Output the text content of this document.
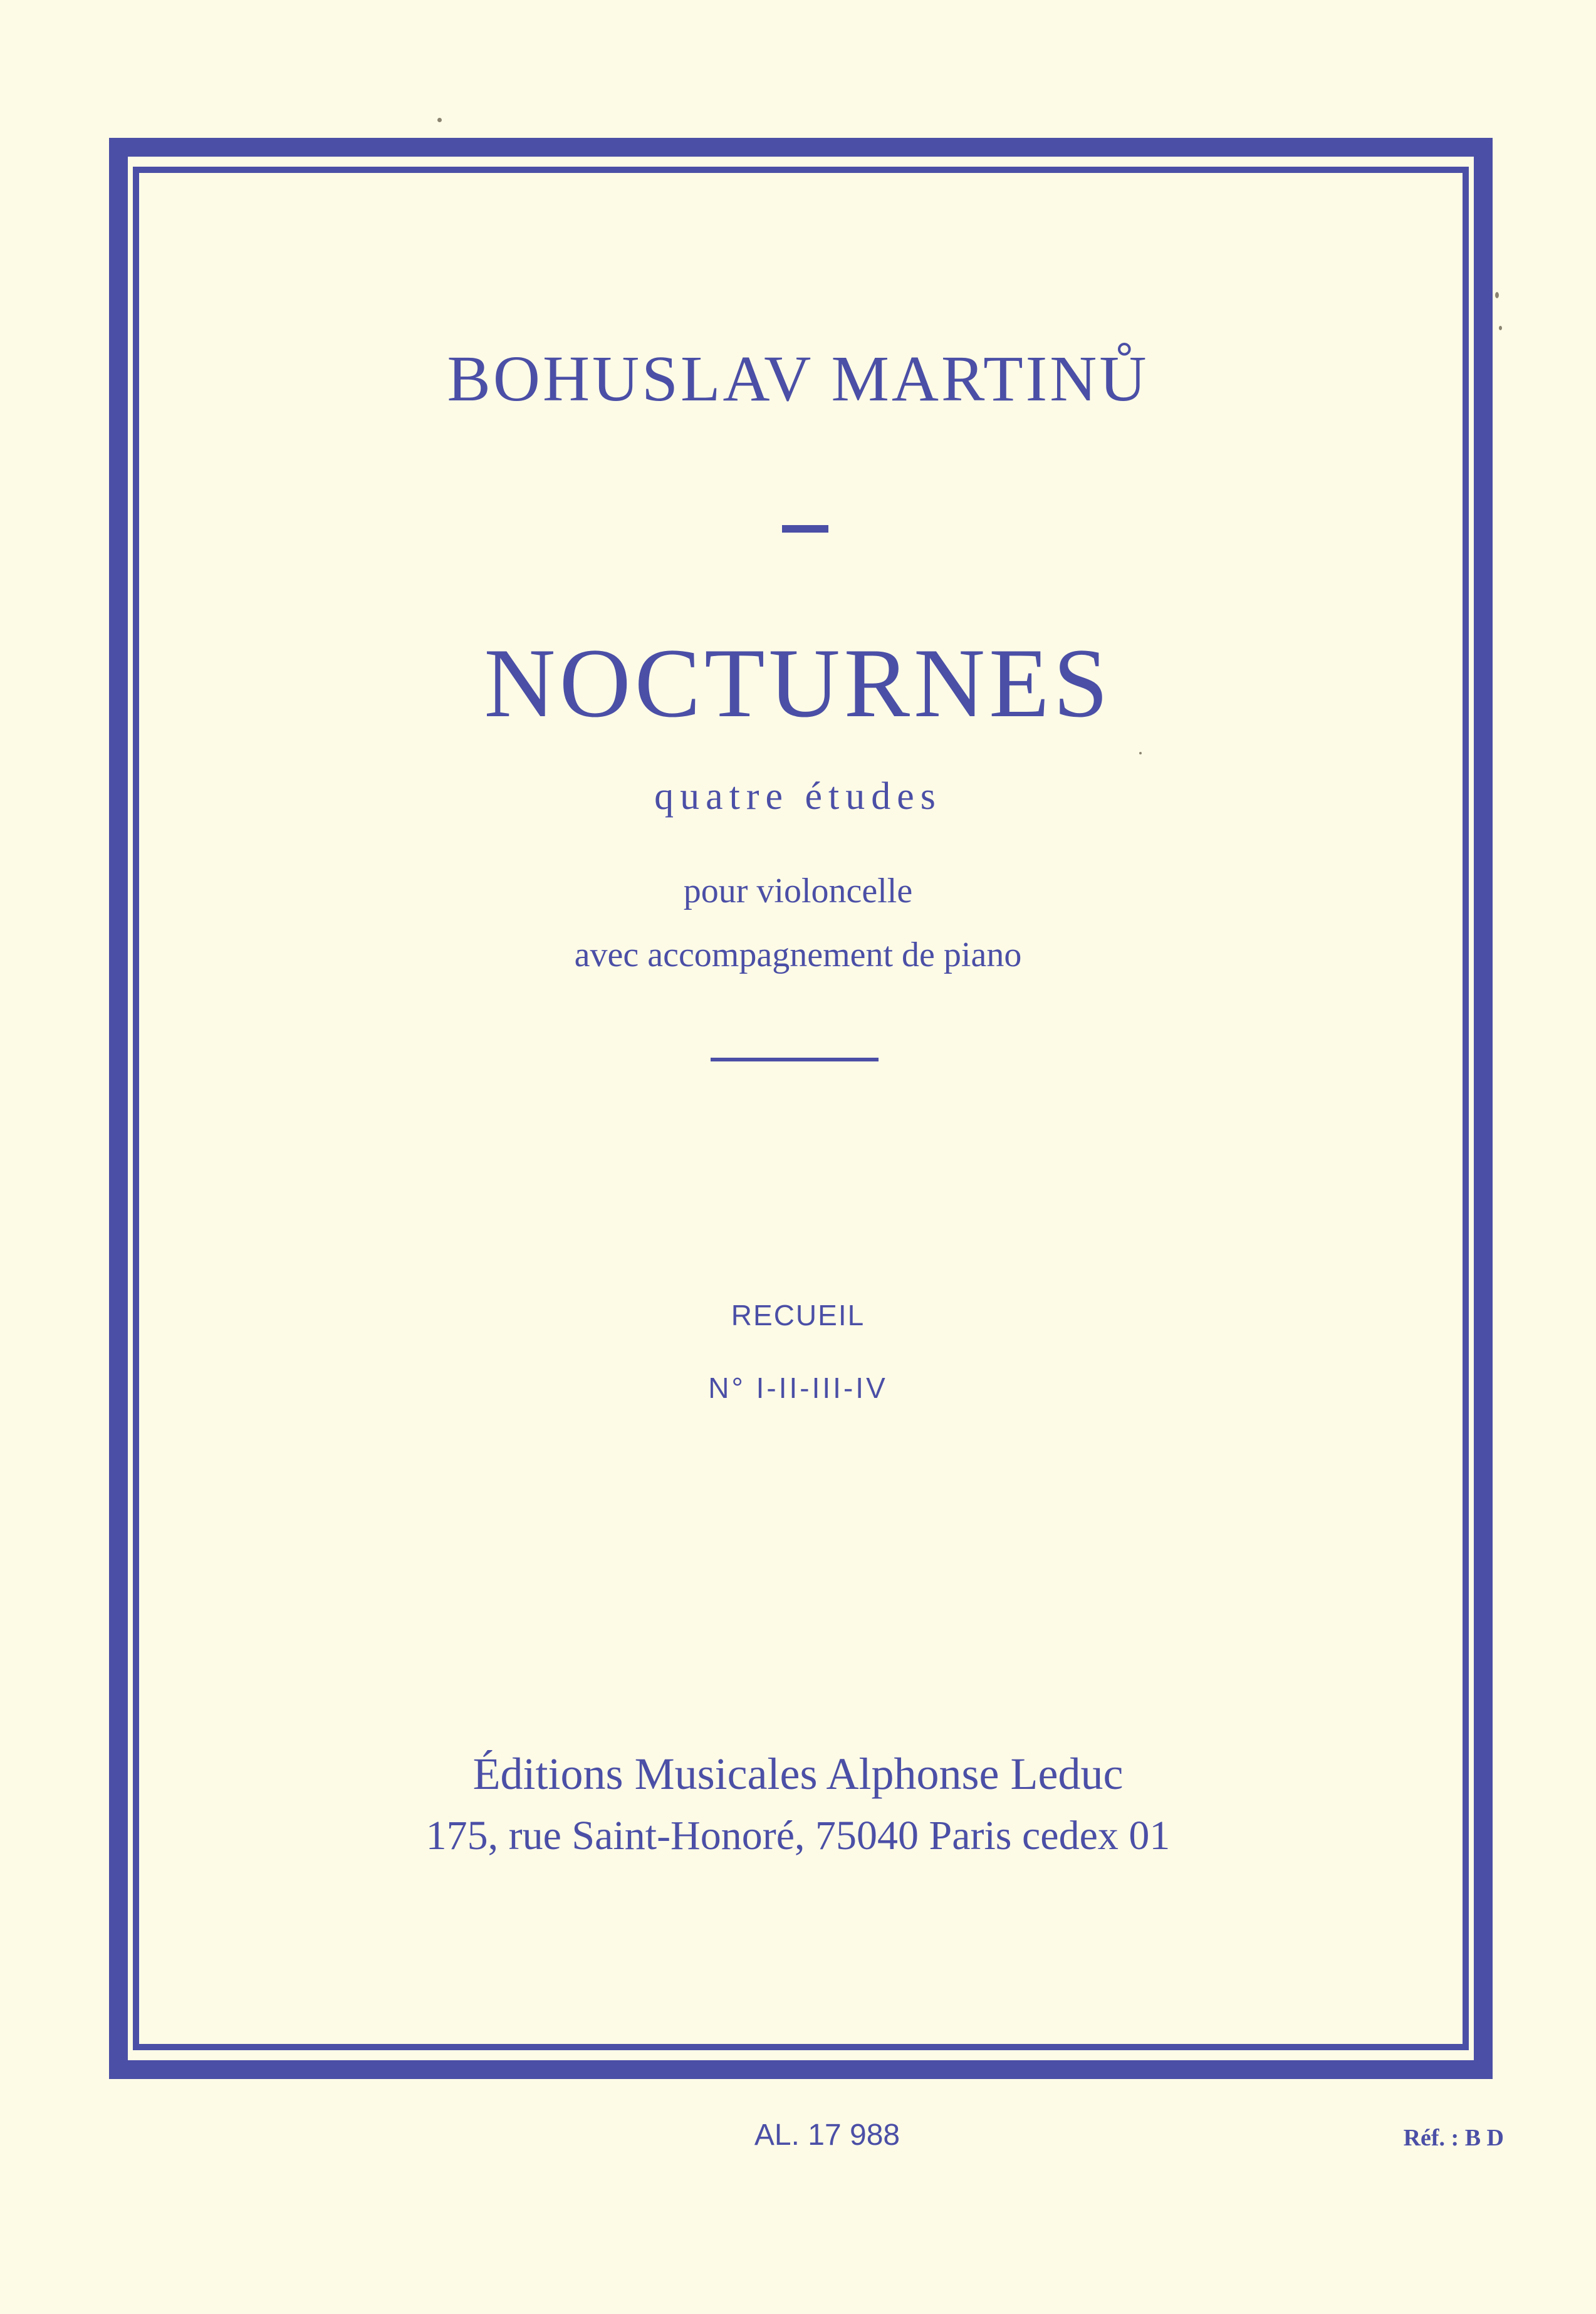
BOHUSLAV MARTINŮ
NOCTURNES
quatre études
pour violoncelle
avec accompagnement de piano
RECUEIL
N° I-II-III-IV
Éditions Musicales Alphonse Leduc
175, rue Saint-Honoré, 75040 Paris cedex 01
AL. 17 988	Réf. : B D
